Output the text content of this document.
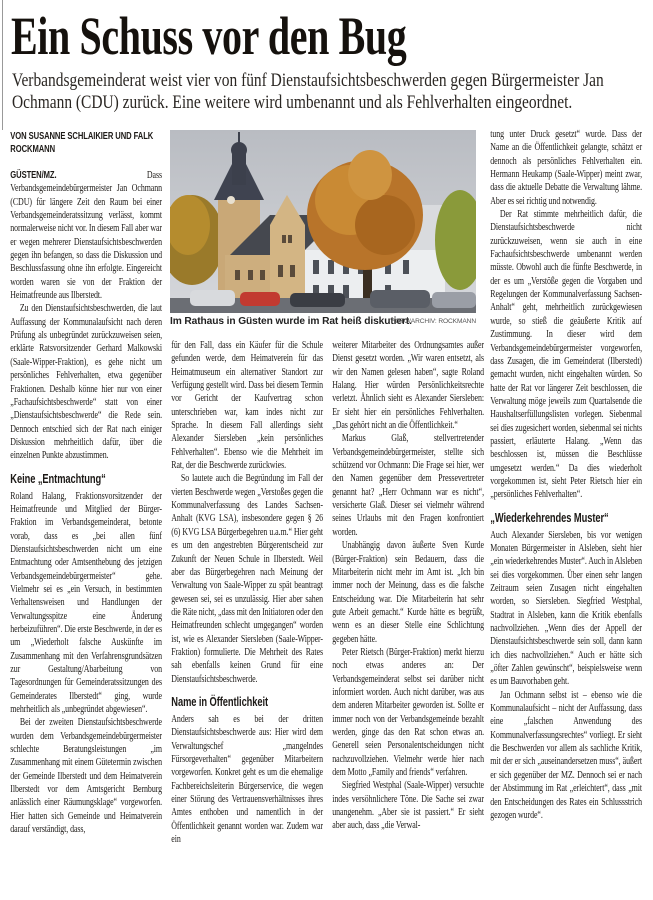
Ein Schuss vor den Bug
Verbandsgemeinderat weist vier von fünf Dienstaufsichtsbeschwerden gegen Bürgermeister Jan Ochmann (CDU) zurück. Eine weitere wird umbenannt und als Fehlverhalten eingeordnet.
VON SUSANNE SCHLAIKIER UND FALK ROCKMANN

GÜSTEN/MZ.	Dass Verbandsgemeindebürgermeister Jan Ochmann (CDU) für längere Zeit den Raum bei einer Verbandsgemeinderatssitzung verlässt, kommt normalerweise nicht vor. In diesem Fall aber war er wegen mehrerer Dienstaufsichtsbeschwerden gegen ihn befangen, so dass die Diskussion und Beschlussfassung ohne ihn erfolgte. Eingereicht worden waren sie von der Fraktion der Heimatfreunde aus Ilberstedt.

Zu den Dienstaufsichtsbeschwerden, die laut Auffassung der Kommunalaufsicht nach deren Prüfung als unbegründet zurückzuweisen seien, erklärte Ratsvorsitzender Gerhard Malkowski (Saale-Wipper-Fraktion), es gehe nicht um persönliches Fehlverhalten, etwa gegenüber Fraktionen. Deshalb könne hier nur von einer „Fachaufsichtsbeschwerde“ statt von einer „Dienstaufsichtsbeschwerde“ die Rede sein. Dennoch entschied sich der Rat nach einiger Diskussion mehrheitlich dafür, über die einzelnen Punkte abzustimmen.

Keine „Entmachtung“

Roland Halang, Fraktionsvorsitzender der Heimatfreunde und Mitglied der Bürger-Fraktion im Verbandsgemeinderat, betonte vorab, dass es „bei allen fünf Dienstaufsichtsbeschwerden nicht um eine Entmachtung oder Amtsenthebung des jetzigen Verbandsgemeindebürgermeister“ gehe. Vielmehr sei es „ein Versuch, in bestimmten Verhaltensweisen und Handlungen der Verwaltungsspitze eine Änderung herbeizuführen“. Die erste Beschwerde, in der es um „Wiederholt falsche Auskünfte im Zusammenhang mit den Verfahrensgrundsätzen zur Gestaltung/Abarbeitung von Tagesordnungen für Gemeinderatssitzungen des Gemeinderates Ilberstedt“ ging, wurde mehrheitlich als „unbegründet abgewiesen“.

Bei der zweiten Dienstaufsichtsbeschwerde wurden dem Verbandsgemeindebürgermeister schlechte Beratungsleistungen „im Zusammenhang mit einem Gütetermin zwischen der Gemeinde Ilberstedt und dem Heimatverein Ilberstedt vor dem Amtsgericht Bernburg anlässlich einer Räumungsklage“ vorgeworfen. Hier hatten sich Gemeinde und Heimatverein darauf verständigt, dass,

Im Rathaus in Güsten wurde im Rat heiß diskutiert.
FOTO/ARCHIV: ROCKMANN

für den Fall, dass ein Käufer für die Schule gefunden werde, dem Heimatverein für das Heimatmuseum ein alternativer Standort zur Verfügung gestellt wird. Dass bei diesem Termin vor Gericht der Kaufvertrag schon unterschrieben war, kam indes nicht zur Sprache. In diesem Fall allerdings sieht Alexander Siersleben „kein persönliches Fehlverhalten“. Ebenso wie die Mehrheit im Rat, der die Beschwerde zurückwies.

So lautete auch die Begründung im Fall der vierten Beschwerde wegen „Verstoßes gegen die Kommunalverfassung des Landes Sachsen-Anhalt (KVG LSA), insbesondere gegen § 26 (6) KVG LSA Bürgerbegehren u.a.m.“ Hier geht es um den angestrebten Bürgerentscheid zur Zukunft der Neuen Schule in Ilberstedt. Weil aber das Bürgerbegehren nach Meinung der Verwaltung von Saale-Wipper zu spät beantragt gewesen sei, sei es unzulässig. Hier aber sahen die Räte nicht, „dass mit den Initiatoren oder den Heimatfreunden schlecht umgegangen“ worden ist, wie es Alexander Siersleben (Saale-Wipper-Fraktion) formulierte. Die Mehrheit des Rates sah ebenfalls keinen Grund für eine Dienstaufsichtsbeschwerde.

Name in Öffentlichkeit

Anders sah es bei der dritten Dienstaufsichtsbeschwerde aus: Hier wird dem Verwaltungschef „mangelndes Fürsorgeverhalten“ gegenüber Mitarbeitern vorgeworfen. Konkret geht es um die ehemalige Fachbereichsleiterin Bürgerservice, die wegen einer Störung des Vertrauensverhältnisses ihres Amtes enthoben und namentlich in der Öffentlichkeit genannt worden war. Zudem war ein

weiterer Mitarbeiter des Ordnungsamtes außer Dienst gesetzt worden. „Wir waren entsetzt, als wir den Namen gelesen haben“, sagte Roland Halang. Hier würden Persönlichkeitsrechte verletzt. Ähnlich sieht es Alexander Siersleben: Er sieht hier ein persönliches Fehlverhalten. „Das gehört nicht an die Öffentlichkeit.“

Markus Glaß, stellvertretender Verbandsgemeindebürgermeister, stellte sich schützend vor Ochmann: Die Frage sei hier, wer den Namen gegenüber dem Pressevertreter genannt hat? „Herr Ochmann war es nicht“, versicherte Glaß. Dieser sei vielmehr während seines Urlaubs mit den Fragen konfrontiert worden.

Unabhängig davon äußerte Sven Kurde (Bürger-Fraktion) sein Bedauern, dass die Mitarbeiterin nicht mehr im Amt ist. „Ich bin immer noch der Meinung, dass es die falsche Entscheidung war. Die Mitarbeiterin hat sehr gute Arbeit gemacht.“ Kurde hätte es begrüßt, wenn es an dieser Stelle eine Schlichtung gegeben hätte.

Peter Rietsch (Bürger-Fraktion) merkt hierzu noch etwas anderes an: Der Verbandsgemeinderat selbst sei darüber nicht informiert worden. Auch nicht darüber, was aus dem anderen Mitarbeiter geworden ist. Sollte er immer noch von der Verbandsgemeinde bezahlt werden, ginge das den Rat schon etwas an. Generell seien Personalentscheidungen nicht nachzuvollziehen. Vielmehr werde hier nach dem Motto „Family and friends“ verfahren.

Siegfried Westphal (Saale-Wipper) versuchte indes versöhnlichere Töne. Die Sache sei zwar unangenehm. „Aber sie ist passiert.“ Er sieht aber auch, dass „die Verwal-

tung unter Druck gesetzt“ wurde. Dass der Name an die Öffentlichkeit gelangte, schätzt er dennoch als persönliches Fehlverhalten ein. Hermann Heukamp (Saale-Wipper) meint zwar, dass die aktuelle Debatte die Verwaltung lähme. Aber es sei richtig und notwendig.

Der Rat stimmte mehrheitlich dafür, die Dienstaufsichtsbeschwerde nicht zurückzuweisen, wenn sie auch in eine Fachaufsichtsbeschwerde umbenannt werden müsste. Obwohl auch die fünfte Beschwerde, in der es um „Verstöße gegen die Vorgaben und Regelungen der Kommunalverfassung Sachsen-Anhalt“ geht, mehrheitlich zurückgewiesen wurde, so stieß die geäußerte Kritik auf Zustimmung. In dieser wird dem Verbandsgemeindebürgermeister vorgeworfen, dass Zusagen, die im Gemeinderat (Ilberstedt) gemacht wurden, nicht eingehalten würden. So hatte der Rat vor längerer Zeit beschlossen, die Verwaltung möge jeweils zum Quartalsende die Haushaltserfüllungslisten vorlegen. Siebenmal sei dies zugesichert worden, siebenmal sei nichts passiert, erläuterte Halang. „Wenn das beschlossen ist, müssen die Beschlüsse umgesetzt werden.“ Da dies wiederholt vorgekommen ist, sieht Peter Rietsch hier ein „persönliches Fehlverhalten“.

„Wiederkehrendes Muster“

Auch Alexander Siersleben, bis vor wenigen Monaten Bürgermeister in Alsleben, sieht hier „ein wiederkehrendes Muster“. Auch in Alsleben sei dies vorgekommen. Über einen sehr langen Zeitraum seien Zusagen nicht eingehalten worden, so Siersleben. Siegfried Westphal, Stadtrat in Alsleben, kann die Kritik ebenfalls nachvollziehen. „Wenn dies der Appell der Dienstaufsichtsbeschwerde sein soll, dann kann ich dies nachvollziehen.“ Auch er hätte sich „öfter Zahlen gewünscht“, beispielsweise wenn es um Bauvorhaben geht.

Jan Ochmann selbst ist – ebenso wie die Kommunalaufsicht – nicht der Auffassung, dass eine „falschen Anwendung des Kommunalverfassungsrechtes“ vorliegt. Er sieht die Beschwerden vor allem als sachliche Kritik, mit der er sich „auseinandersetzen muss“, äußert er sich gegenüber der MZ. Dennoch sei er nach der Abstimmung im Rat „erleichtert“, dass „mit den Entscheidungen des Rates ein Schlussstrich gezogen wurde“.
